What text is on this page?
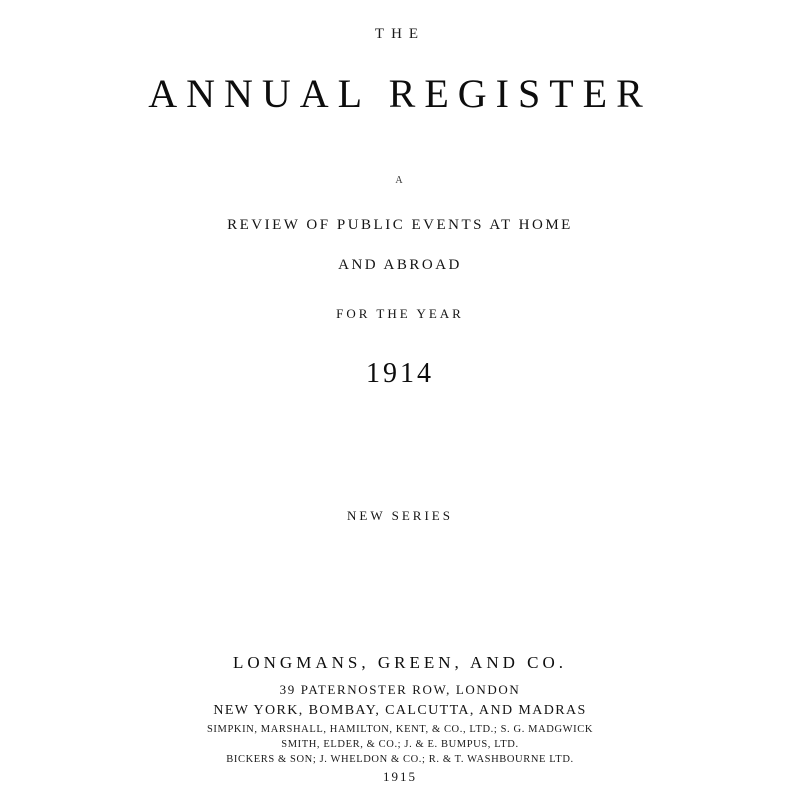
THE
ANNUAL REGISTER
A
REVIEW OF PUBLIC EVENTS AT HOME
AND ABROAD
FOR THE YEAR
1914
NEW SERIES
LONGMANS, GREEN, AND CO.
39 PATERNOSTER ROW, LONDON
NEW YORK, BOMBAY, CALCUTTA, AND MADRAS
SIMPKIN, MARSHALL, HAMILTON, KENT, & CO., LTD.; S. G. MADGWICK
SMITH, ELDER, & CO.; J. & E. BUMPUS, LTD.
BICKERS & SON; J. WHELDON & CO.; R. & T. WASHBOURNE LTD.
1915
